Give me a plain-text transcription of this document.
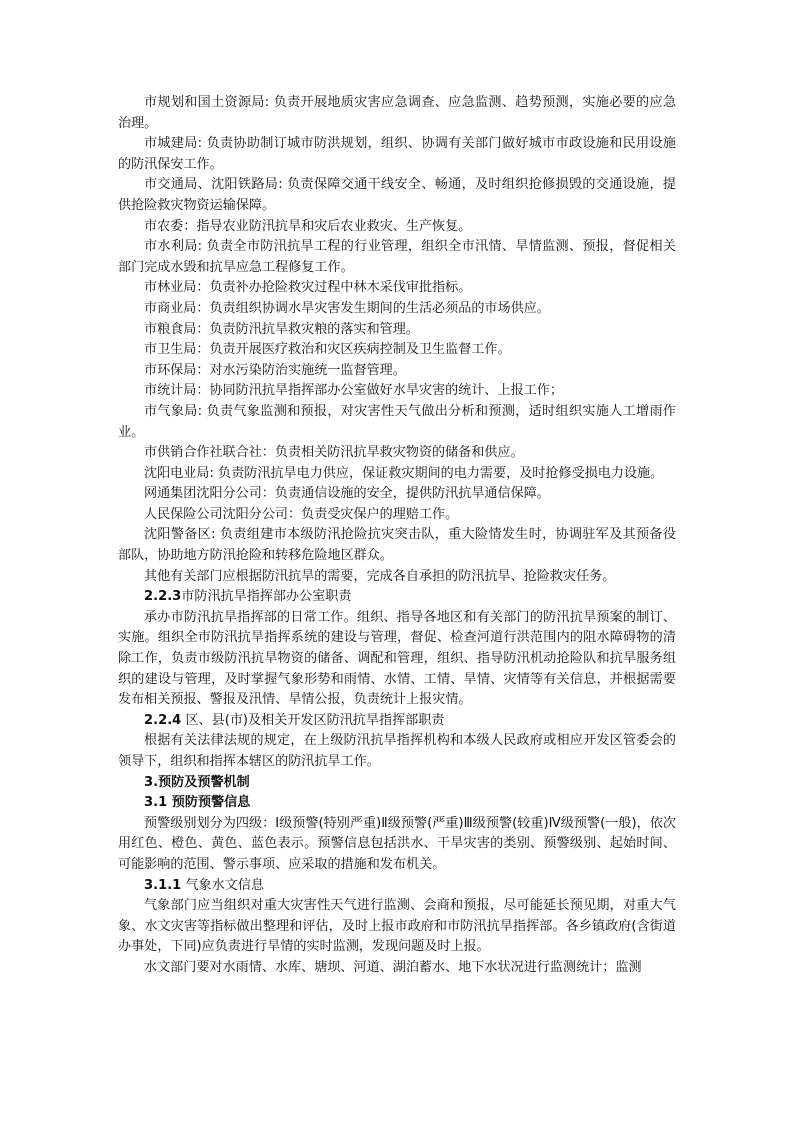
市规划和国土资源局: 负责开展地质灾害应急调查、应急监测、趋势预测，实施必要的应急治理。

市城建局: 负责协助制订城市防洪规划，组织、协调有关部门做好城市市政设施和民用设施的防汛保安工作。

市交通局、沈阳铁路局: 负责保障交通干线安全、畅通，及时组织抢修损毁的交通设施，提供抢险救灾物资运输保障。

市农委：指导农业防汛抗旱和灾后农业救灾、生产恢复。

市水利局: 负责全市防汛抗旱工程的行业管理，组织全市汛情、旱情监测、预报，督促相关部门完成水毁和抗旱应急工程修复工作。

市林业局：负责补办抢险救灾过程中林木采伐审批指标。

市商业局：负责组织协调水旱灾害发生期间的生活必须品的市场供应。

市粮食局：负责防汛抗旱救灾粮的落实和管理。

市卫生局：负责开展医疗救治和灾区疾病控制及卫生监督工作。

市环保局：对水污染防治实施统一监督管理。

市统计局：协同防汛抗旱指挥部办公室做好水旱灾害的统计、上报工作；

市气象局: 负责气象监测和预报，对灾害性天气做出分析和预测，适时组织实施人工增雨作业。

市供销合作社联合社：负责相关防汛抗旱救灾物资的储备和供应。

沈阳电业局: 负责防汛抗旱电力供应，保证救灾期间的电力需要，及时抢修受损电力设施。

网通集团沈阳分公司：负责通信设施的安全，提供防汛抗旱通信保障。

人民保险公司沈阳分公司：负责受灾保户的理赔工作。

沈阳警备区: 负责组建市本级防汛抢险抗灾突击队，重大险情发生时，协调驻军及其预备役部队，协助地方防汛抢险和转移危险地区群众。

其他有关部门应根据防汛抗旱的需要，完成各自承担的防汛抗旱、抢险救灾任务。

2.2.3市防汛抗旱指挥部办公室职责

承办市防汛抗旱指挥部的日常工作。组织、指导各地区和有关部门的防汛抗旱预案的制订、实施。组织全市防汛抗旱指挥系统的建设与管理，督促、检查河道行洪范围内的阻水障碍物的清除工作，负责市级防汛抗旱物资的储备、调配和管理，组织、指导防汛机动抢险队和抗旱服务组织的建设与管理，及时掌握气象形势和雨情、水情、工情、旱情、灾情等有关信息，并根据需要发布相关预报、警报及汛情、旱情公报，负责统计上报灾情。

2.2.4 区、县(市)及相关开发区防汛抗旱指挥部职责

根据有关法律法规的规定，在上级防汛抗旱指挥机构和本级人民政府或相应开发区管委会的领导下，组织和指挥本辖区的防汛抗旱工作。

3.预防及预警机制

3.1 预防预警信息

预警级别划分为四级：Ⅰ级预警(特别严重)Ⅱ级预警(严重)Ⅲ级预警(较重)Ⅳ级预警(一般)，依次用红色、橙色、黄色、蓝色表示。预警信息包括洪水、干旱灾害的类别、预警级别、起始时间、可能影响的范围、警示事项、应采取的措施和发布机关。

3.1.1 气象水文信息

气象部门应当组织对重大灾害性天气进行监测、会商和预报，尽可能延长预见期，对重大气象、水文灾害等指标做出整理和评估，及时上报市政府和市防汛抗旱指挥部。各乡镇政府(含街道办事处，下同)应负责进行旱情的实时监测，发现问题及时上报。

水文部门要对水雨情、水库、塘坝、河道、湖泊蓄水、地下水状况进行监测统计；监测
